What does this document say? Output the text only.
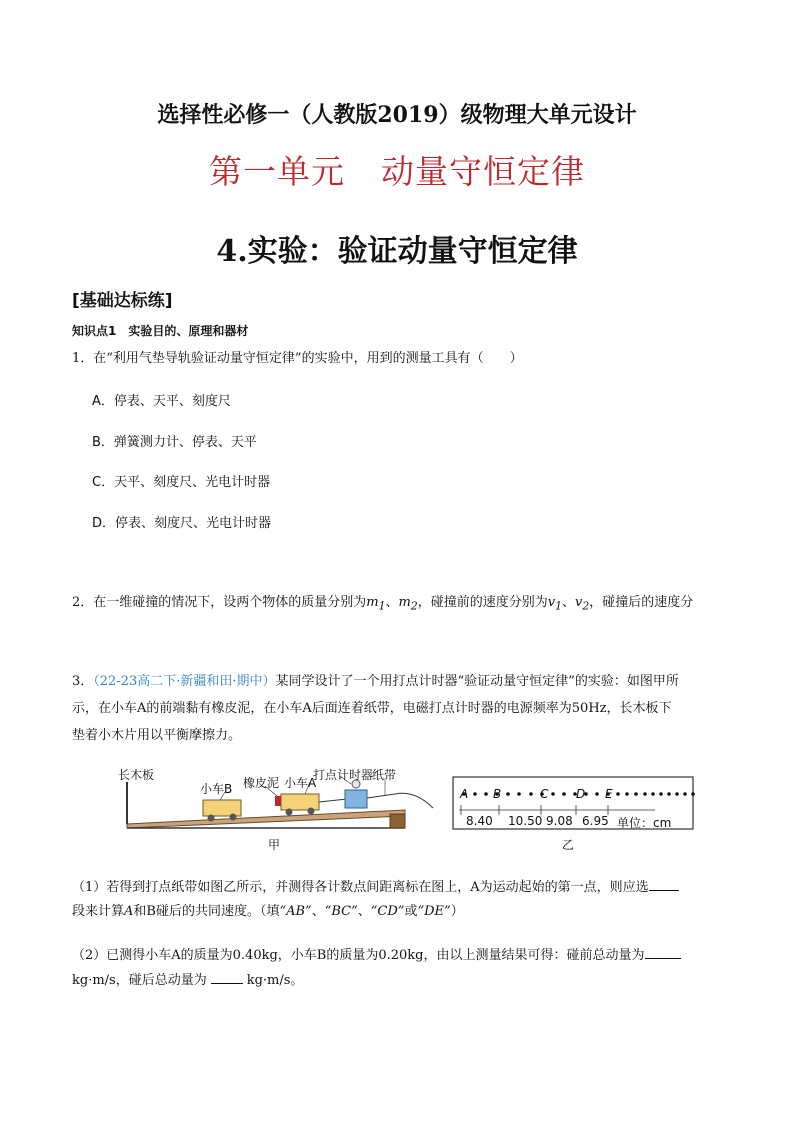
选择性必修一（人教版2019）级物理大单元设计
第一单元 动量守恒定律
4.实验：验证动量守恒定律
[基础达标练]
知识点1 实验目的、原理和器材
1．在“利用气垫导轨验证动量守恒定律”的实验中，用到的测量工具有（　　）
A．停表、天平、刻度尺
B．弹簧测力计、停表、天平
C．天平、刻度尺、光电计时器
D．停表、刻度尺、光电计时器
2．在一维碰撞的情况下，设两个物体的质量分别为$m_1$、$m_2$，碰撞前的速度分别为$v_1$、$v_2$，碰撞后的速度分
3．（22-23高二下·新疆和田·期中）某同学设计了一个用打点计时器“验证动量守恒定律”的实验：如图甲所
示，在小车A的前端黏有橡皮泥，在小车A后面连着纸带，电磁打点计时器的电源频率为50Hz，长木板下
垫着小木片用以平衡摩擦力。
长木板
小车B 橡皮泥 小车A
打点计时器
纸带
甲	乙
A B	C D E
8.40 10.50 9.08 6.95 单位：cm
（1）若得到打点纸带如图乙所示，并测得各计数点间距离标在图上，A为运动起始的第一点，则应选
段来计算A和B碰后的共同速度。（填“AB”、“BC”、“CD”或“DE”）
（2）已测得小车A的质量为0.40kg，小车B的质量为0.20kg，由以上测量结果可得：碰前总动量为
kg·m/s，碰后总动量为	kg·m/s。
